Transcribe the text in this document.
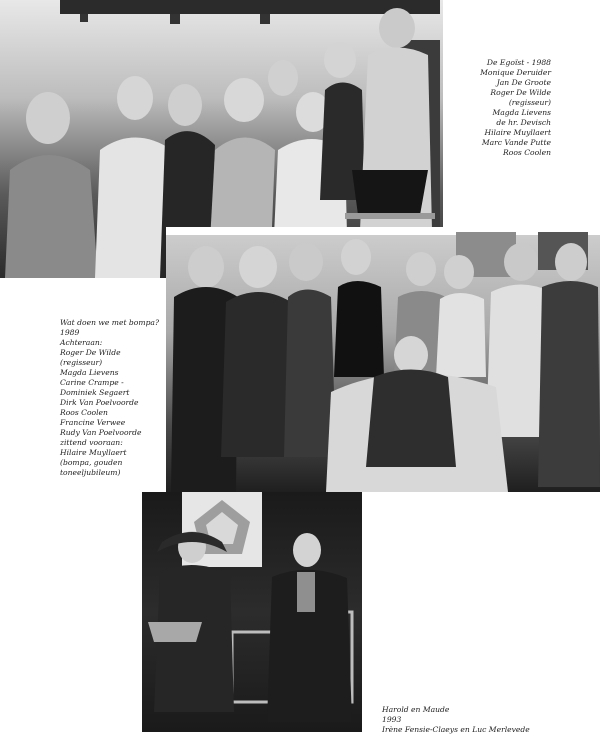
De Egoïst - 1988
Monique Deruider
Jan De Groote
Roger De Wilde
(regisseur)
Magda Lievens
de hr. Devisch
Hilaire Muyllaert
Marc Vande Putte
Roos Coolen
Wat doen we met bompa?
1989
Achteraan:
Roger De Wilde
(regisseur)
Magda Lievens
Carine Crampe -
Dominiek Segaert
Dirk Van Poelvoorde
Roos Coolen
Francine Verwee
Rudy Van Poelvoorde
zittend vooraan:
Hilaire Muyllaert
(bompa, gouden
toneeljubileum)
Harold en Maude
1993
Irène Fensie-Claeys en Luc Merlevede
